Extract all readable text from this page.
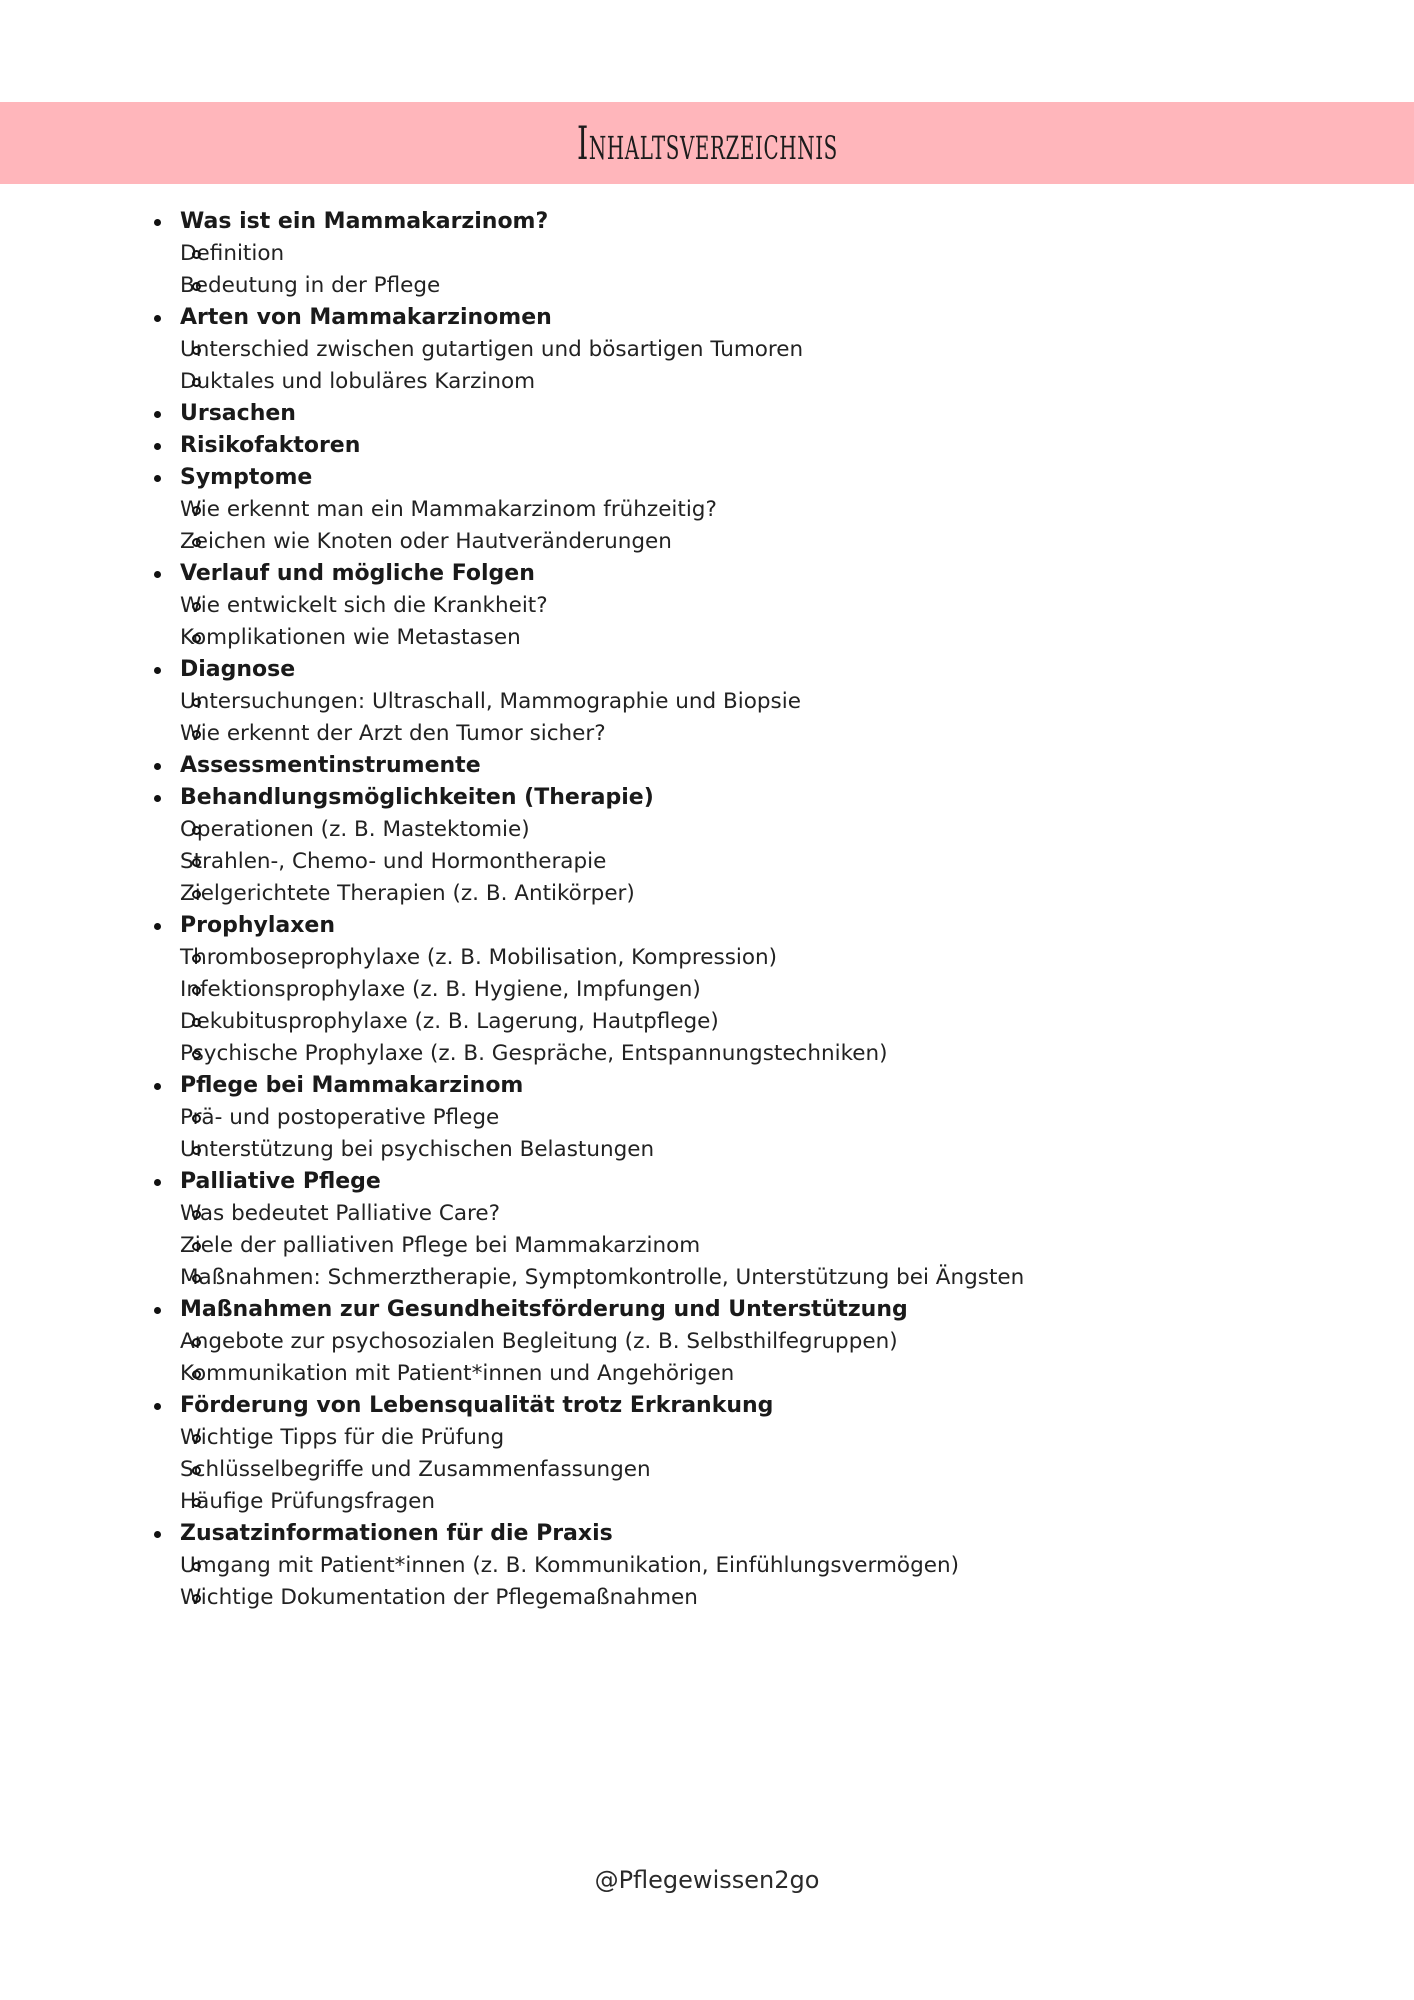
Inhaltsverzeichnis
Was ist ein Mammakarzinom?
Definition
Bedeutung in der Pflege
Arten von Mammakarzinomen
Unterschied zwischen gutartigen und bösartigen Tumoren
Duktales und lobuläres Karzinom
Ursachen
Risikofaktoren
Symptome
Wie erkennt man ein Mammakarzinom frühzeitig?
Zeichen wie Knoten oder Hautveränderungen
Verlauf und mögliche Folgen
Wie entwickelt sich die Krankheit?
Komplikationen wie Metastasen
Diagnose
Untersuchungen: Ultraschall, Mammographie und Biopsie
Wie erkennt der Arzt den Tumor sicher?
Assessmentinstrumente
Behandlungsmöglichkeiten (Therapie)
Operationen (z. B. Mastektomie)
Strahlen-, Chemo- und Hormontherapie
Zielgerichtete Therapien (z. B. Antikörper)
Prophylaxen
Thromboseprophylaxe (z. B. Mobilisation, Kompression)
Infektionsprophylaxe (z. B. Hygiene, Impfungen)
Dekubitusprophylaxe (z. B. Lagerung, Hautpflege)
Psychische Prophylaxe (z. B. Gespräche, Entspannungstechniken)
Pflege bei Mammakarzinom
Prä- und postoperative Pflege
Unterstützung bei psychischen Belastungen
Palliative Pflege
Was bedeutet Palliative Care?
Ziele der palliativen Pflege bei Mammakarzinom
Maßnahmen: Schmerztherapie, Symptomkontrolle, Unterstützung bei Ängsten
Maßnahmen zur Gesundheitsförderung und Unterstützung
Angebote zur psychosozialen Begleitung (z. B. Selbsthilfegruppen)
Kommunikation mit Patient*innen und Angehörigen
Förderung von Lebensqualität trotz Erkrankung
Wichtige Tipps für die Prüfung
Schlüsselbegriffe und Zusammenfassungen
Häufige Prüfungsfragen
Zusatzinformationen für die Praxis
Umgang mit Patient*innen (z. B. Kommunikation, Einfühlungsvermögen)
Wichtige Dokumentation der Pflegemaßnahmen
@Pflegewissen2go
